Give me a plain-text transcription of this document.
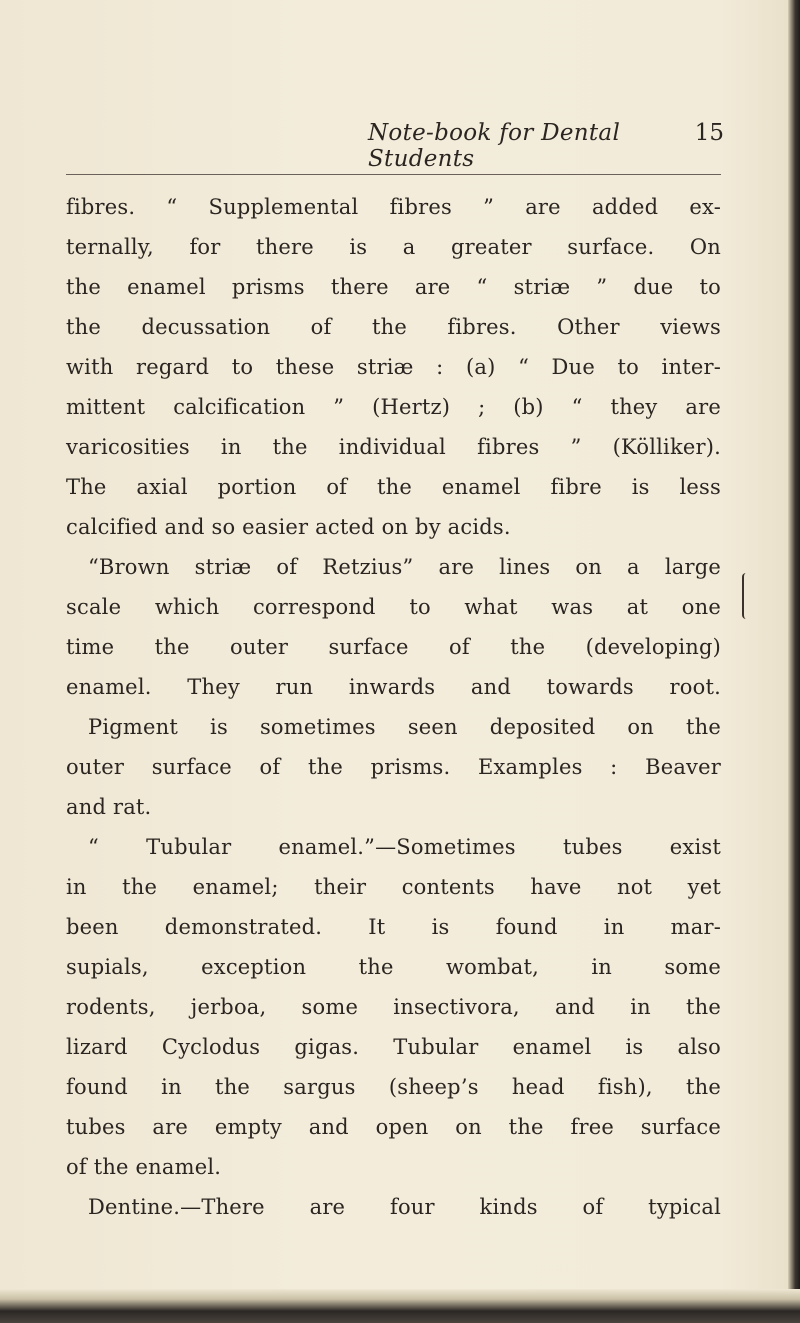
Note-book for Dental Students
15
fibres. “ Supplemental fibres ” are added ex-
ternally, for there is a greater surface. On
the enamel prisms there are “ striæ ” due to
the decussation of the fibres. Other views
with regard to these striæ : (a) “ Due to inter-
mittent calcification ” (Hertz) ; (b) “ they are
varicosities in the individual fibres ” (Kölliker).
The axial portion of the enamel fibre is less
calcified and so easier acted on by acids.
“Brown striæ of Retzius” are lines on a large
scale which correspond to what was at one
time the outer surface of the (developing)
enamel. They run inwards and towards root.
Pigment is sometimes seen deposited on the
outer surface of the prisms. Examples : Beaver
and rat.
“ Tubular enamel.”—Sometimes tubes exist
in the enamel; their contents have not yet
been demonstrated. It is found in mar-
supials, exception the wombat, in some
rodents, jerboa, some insectivora, and in the
lizard Cyclodus gigas. Tubular enamel is also
found in the sargus (sheep’s head fish), the
tubes are empty and open on the free surface
of the enamel.
Dentine.—There are four kinds of typical
